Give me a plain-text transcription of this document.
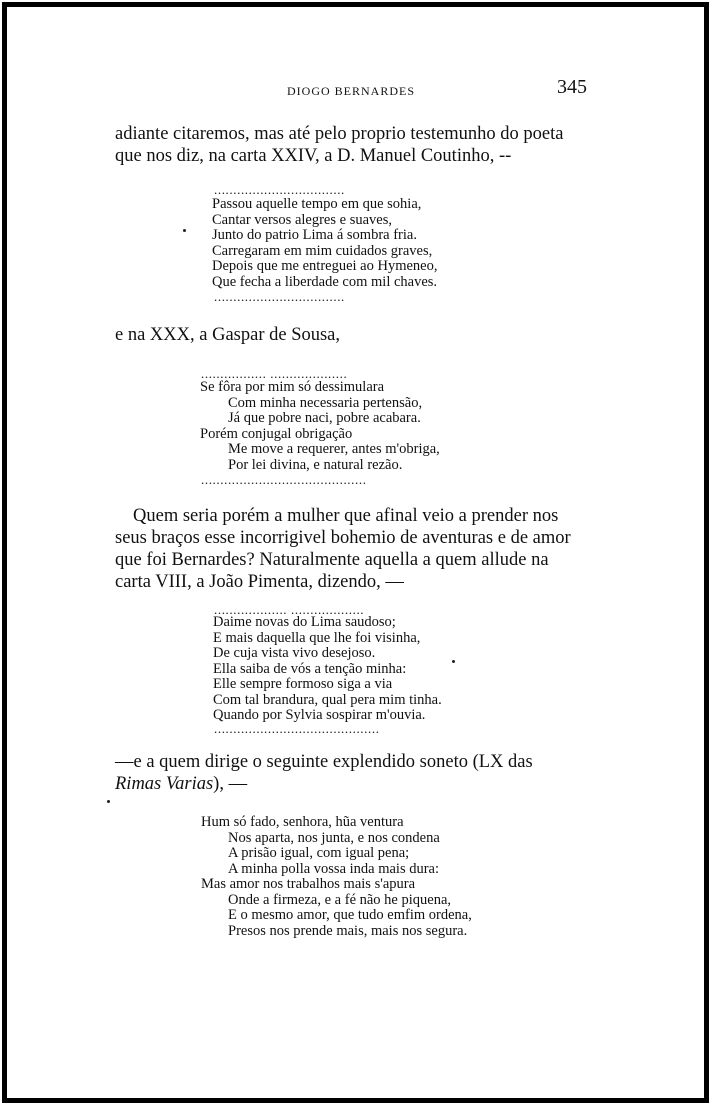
DIOGO BERNARDES	345

adiante citaremos, mas até pelo proprio testemunho do poeta
que nos diz, na carta XXIV, a D. Manuel Coutinho, --

..................................
Passou aquelle tempo em que sohia,
Cantar versos alegres e suaves,
Junto do patrio Lima á sombra fria.
Carregaram em mim cuidados graves,
Depois que me entreguei ao Hymeneo,
Que fecha a liberdade com mil chaves.
..................................

e na XXX, a Gaspar de Sousa,

................. ....................
Se fôra por mim só dessimulara
Com minha necessaria pertensão,
Já que pobre naci, pobre acabara.
Porém conjugal obrigação
Me move a requerer, antes m'obriga,
Por lei divina, e natural rezão.
...........................................

Quem seria porém a mulher que afinal veio a prender nos
seus braços esse incorrigivel bohemio de aventuras e de amor
que foi Bernardes? Naturalmente aquella a quem allude na
carta VIII, a João Pimenta, dizendo, —

................... ...................
Daime novas do Lima saudoso;
E mais daquella que lhe foi visinha,
De cuja vista vivo desejoso.
Ella saiba de vós a tenção minha:
Elle sempre formoso siga a via
Com tal brandura, qual pera mim tinha.
Quando por Sylvia sospirar m'ouvia.
...........................................

—e a quem dirige o seguinte explendido soneto (LX das
Rimas Varias), —

Hum só fado, senhora, hũa ventura
Nos aparta, nos junta, e nos condena
A prisão igual, com igual pena;
A minha polla vossa inda mais dura:
Mas amor nos trabalhos mais s'apura
Onde a firmeza, e a fé não he piquena,
E o mesmo amor, que tudo emfim ordena,
Presos nos prende mais, mais nos segura.
